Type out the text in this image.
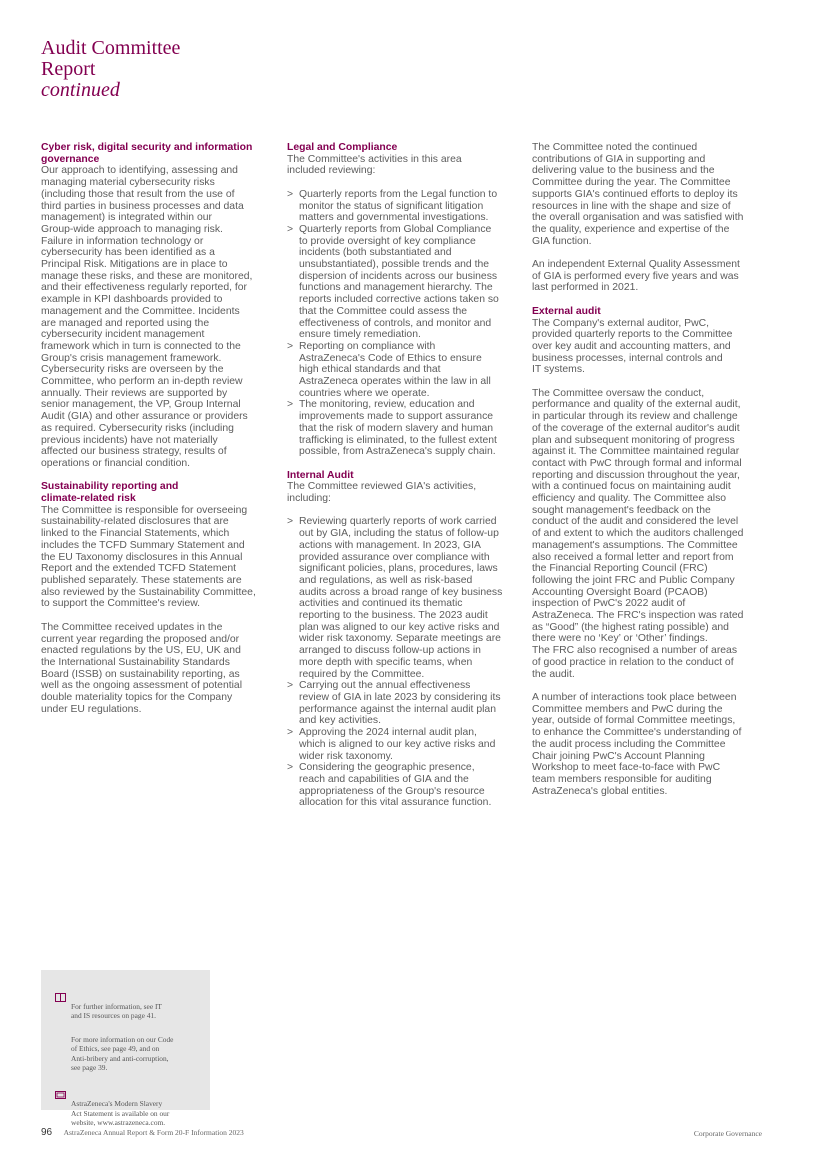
Audit Committee
Report
continued

Cyber risk, digital security and information
governance

Our approach to identifying, assessing and
managing material cybersecurity risks
(including those that result from the use of
third parties in business processes and data
management) is integrated within our
Group-wide approach to managing risk.
Failure in information technology or
cybersecurity has been identified as a
Principal Risk. Mitigations are in place to
manage these risks, and these are monitored,
and their effectiveness regularly reported, for
example in KPI dashboards provided to
management and the Committee. Incidents
are managed and reported using the
cybersecurity incident management
framework which in turn is connected to the
Group's crisis management framework.
Cybersecurity risks are overseen by the
Committee, who perform an in-depth review
annually. Their reviews are supported by
senior management, the VP, Group Internal
Audit (GIA) and other assurance or providers
as required. Cybersecurity risks (including
previous incidents) have not materially
affected our business strategy, results of
operations or financial condition.

Sustainability reporting and
climate-related risk

The Committee is responsible for overseeing
sustainability-related disclosures that are
linked to the Financial Statements, which
includes the TCFD Summary Statement and
the EU Taxonomy disclosures in this Annual
Report and the extended TCFD Statement
published separately. These statements are
also reviewed by the Sustainability Committee,
to support the Committee's review.

The Committee received updates in the
current year regarding the proposed and/or
enacted regulations by the US, EU, UK and
the International Sustainability Standards
Board (ISSB) on sustainability reporting, as
well as the ongoing assessment of potential
double materiality topics for the Company
under EU regulations.

Legal and Compliance

The Committee's activities in this area
included reviewing:

> Quarterly reports from the Legal function to
monitor the status of significant litigation
matters and governmental investigations.
> Quarterly reports from Global Compliance
to provide oversight of key compliance
incidents (both substantiated and
unsubstantiated), possible trends and the
dispersion of incidents across our business
functions and management hierarchy. The
reports included corrective actions taken so
that the Committee could assess the
effectiveness of controls, and monitor and
ensure timely remediation.
> Reporting on compliance with
AstraZeneca's Code of Ethics to ensure
high ethical standards and that
AstraZeneca operates within the law in all
countries where we operate.
> The monitoring, review, education and
improvements made to support assurance
that the risk of modern slavery and human
trafficking is eliminated, to the fullest extent
possible, from AstraZeneca's supply chain.

Internal Audit

The Committee reviewed GIA's activities,
including:

> Reviewing quarterly reports of work carried
out by GIA, including the status of follow-up
actions with management. In 2023, GIA
provided assurance over compliance with
significant policies, plans, procedures, laws
and regulations, as well as risk-based
audits across a broad range of key business
activities and continued its thematic
reporting to the business. The 2023 audit
plan was aligned to our key active risks and
wider risk taxonomy. Separate meetings are
arranged to discuss follow-up actions in
more depth with specific teams, when
required by the Committee.
> Carrying out the annual effectiveness
review of GIA in late 2023 by considering its
performance against the internal audit plan
and key activities.
> Approving the 2024 internal audit plan,
which is aligned to our key active risks and
wider risk taxonomy.
> Considering the geographic presence,
reach and capabilities of GIA and the
appropriateness of the Group's resource
allocation for this vital assurance function.

The Committee noted the continued
contributions of GIA in supporting and
delivering value to the business and the
Committee during the year. The Committee
supports GIA's continued efforts to deploy its
resources in line with the shape and size of
the overall organisation and was satisfied with
the quality, experience and expertise of the
GIA function.

An independent External Quality Assessment
of GIA is performed every five years and was
last performed in 2021.

External audit

The Company's external auditor, PwC,
provided quarterly reports to the Committee
over key audit and accounting matters, and
business processes, internal controls and
IT systems.

The Committee oversaw the conduct,
performance and quality of the external audit,
in particular through its review and challenge
of the coverage of the external auditor's audit
plan and subsequent monitoring of progress
against it. The Committee maintained regular
contact with PwC through formal and informal
reporting and discussion throughout the year,
with a continued focus on maintaining audit
efficiency and quality. The Committee also
sought management's feedback on the
conduct of the audit and considered the level
of and extent to which the auditors challenged
management's assumptions. The Committee
also received a formal letter and report from
the Financial Reporting Council (FRC)
following the joint FRC and Public Company
Accounting Oversight Board (PCAOB)
inspection of PwC's 2022 audit of
AstraZeneca. The FRC's inspection was rated
as “Good” (the highest rating possible) and
there were no ‘Key’ or ‘Other’ findings.
The FRC also recognised a number of areas
of good practice in relation to the conduct of
the audit.

A number of interactions took place between
Committee members and PwC during the
year, outside of formal Committee meetings,
to enhance the Committee's understanding of
the audit process including the Committee
Chair joining PwC's Account Planning
Workshop to meet face-to-face with PwC
team members responsible for auditing
AstraZeneca's global entities.

For further information, see IT
and IS resources on page 41.

For more information on our Code
of Ethics, see page 49, and on
Anti-bribery and anti-corruption,
see page 39.

AstraZeneca's Modern Slavery
Act Statement is available on our
website, www.astrazeneca.com.

96 AstraZeneca Annual Report & Form 20-F Information 2023	Corporate Governance
